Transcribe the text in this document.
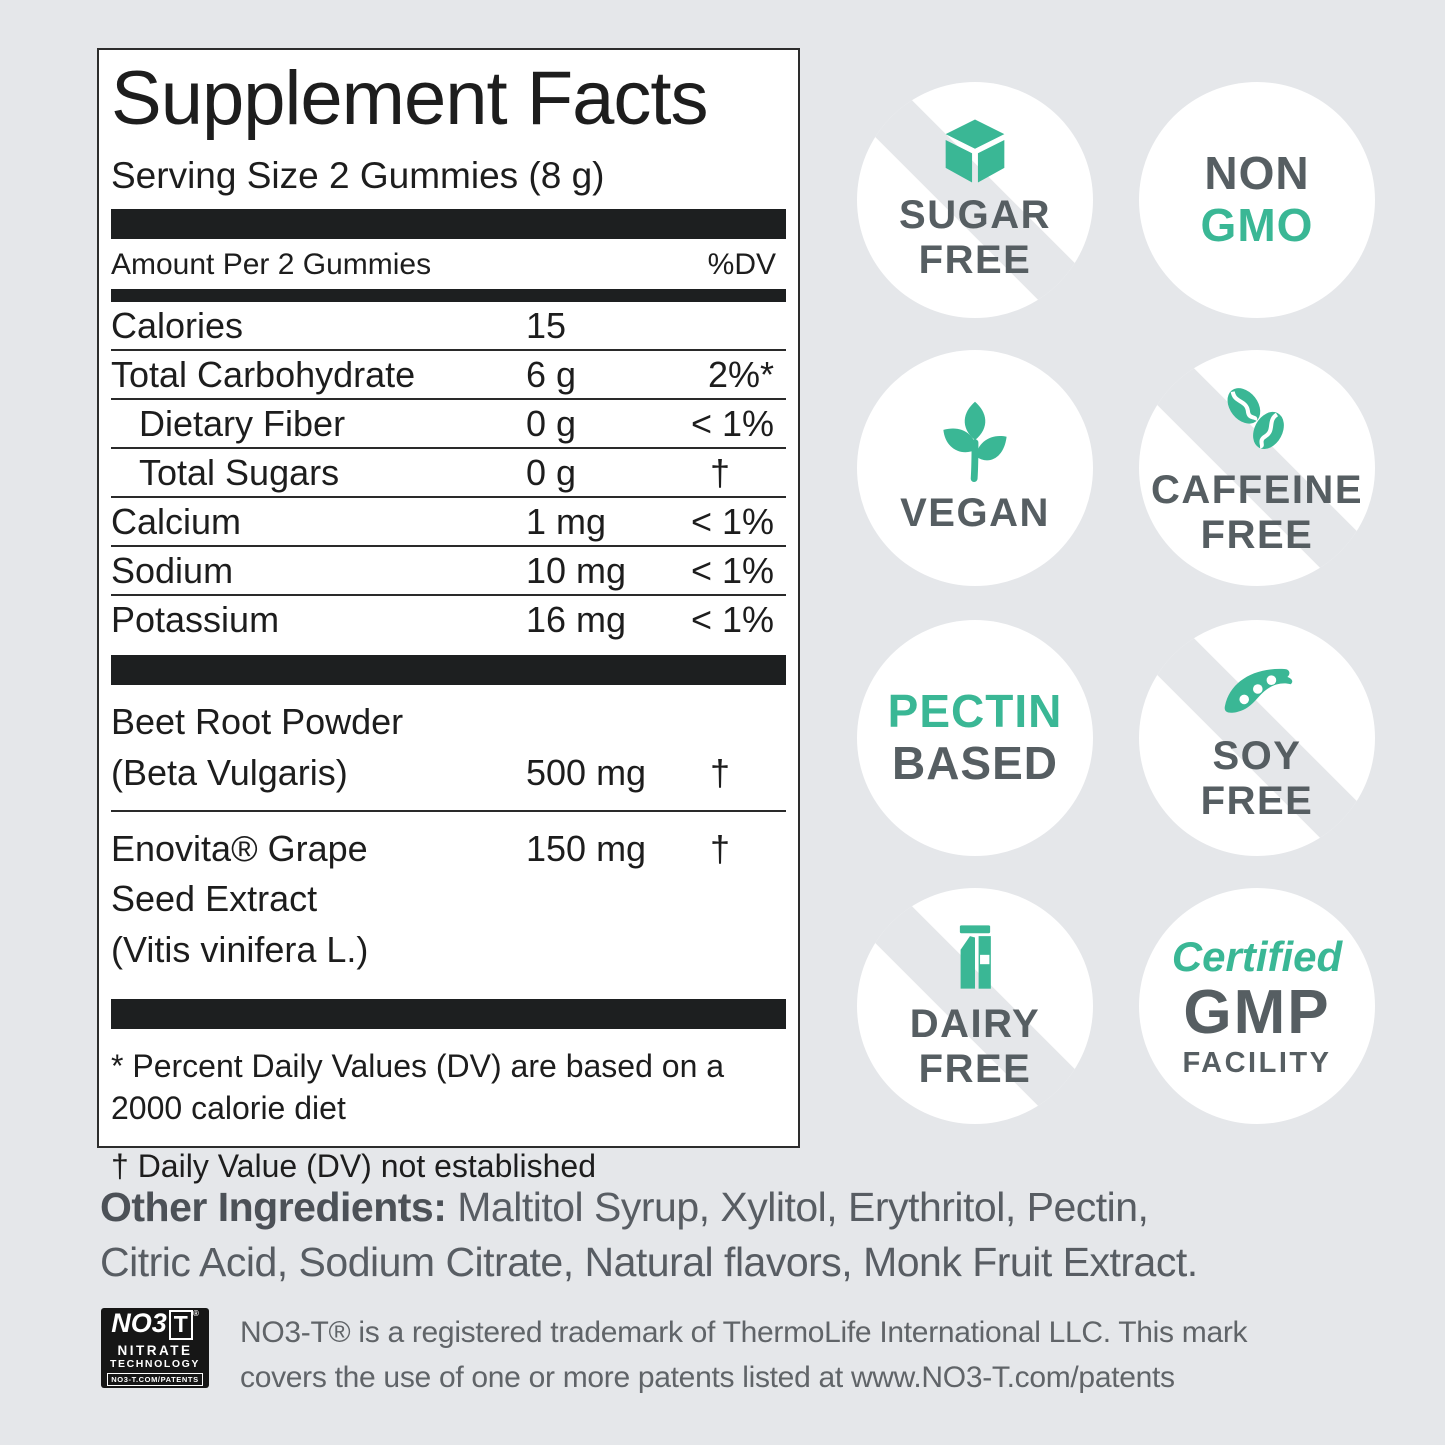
Supplement Facts
Serving Size 2 Gummies (8 g)
Amount Per 2 Gummies	%DV
Calories	15
Total Carbohydrate	6 g	2%*
Dietary Fiber	0 g	< 1%
Total Sugars	0 g	†
Calcium	1 mg	< 1%
Sodium	10 mg	< 1%
Potassium	16 mg	< 1%
Beet Root Powder
(Beta Vulgaris)	500 mg	†
Enovita® Grape
Seed Extract
(Vitis vinifera L.)
150 mg	†
* Percent Daily Values (DV) are based on a
2000 calorie diet
† Daily Value (DV) not established
SUGAR
FREE
NON
GMO
VEGAN
CAFFEINE
FREE
PECTIN
BASED	SOY
FREE
DAIRY
FREE
Certified
GMP
FACILITY
Other Ingredients: Maltitol Syrup, Xylitol, Erythritol, Pectin,
Citric Acid, Sodium Citrate, Natural flavors, Monk Fruit Extract.
NO3 T ®
NITRATE
TECHNOLOGY
NO3-T.COM/PATENTS
NO3-T® is a registered trademark of ThermoLife International LLC. This mark
covers the use of one or more patents listed at www.NO3-T.com/patents
